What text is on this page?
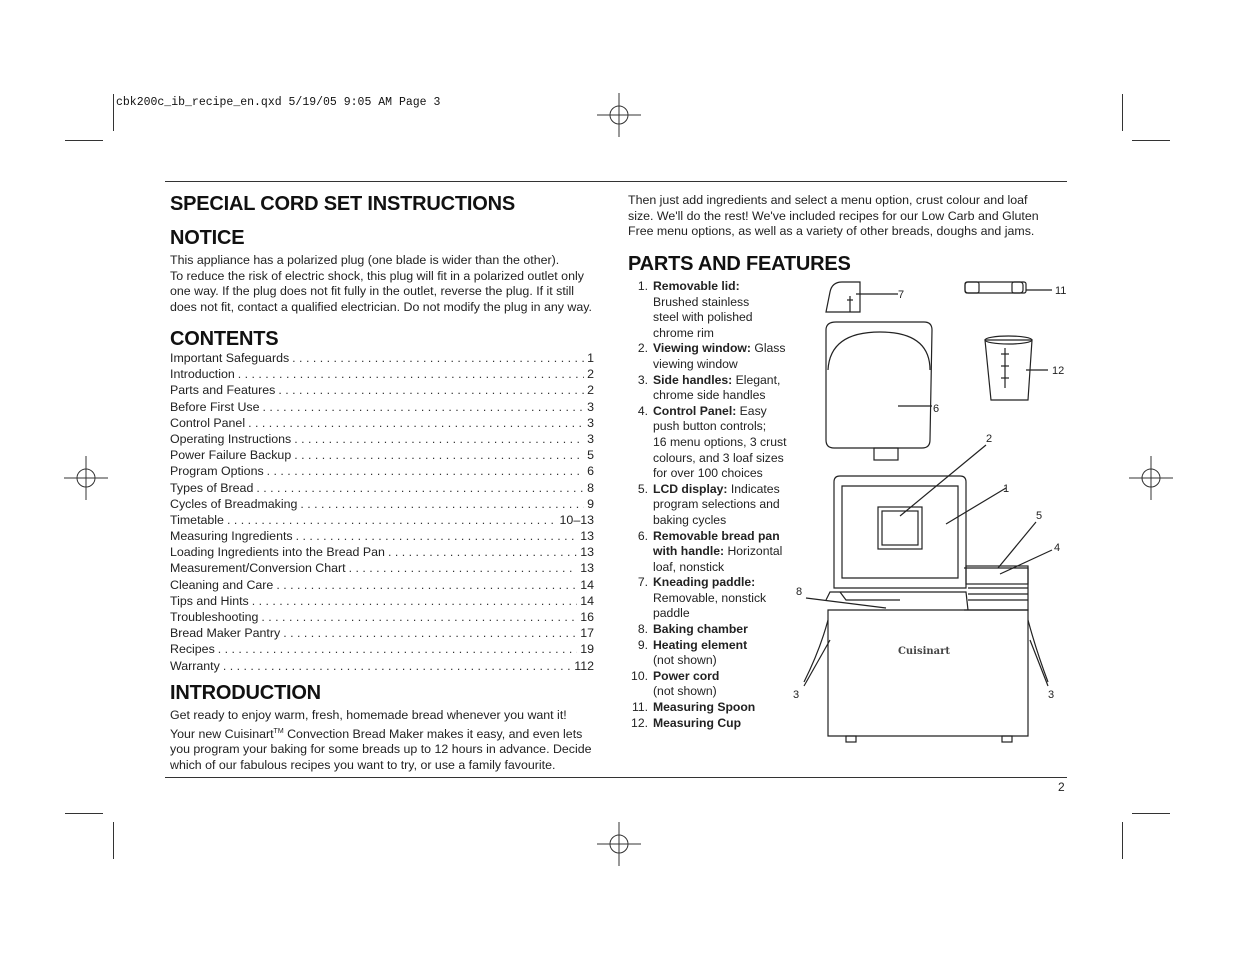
cbk200c_ib_recipe_en.qxd 5/19/05 9:05 AM Page 3
SPECIAL CORD SET INSTRUCTIONS
NOTICE
This appliance has a polarized plug (one blade is wider than the other).
To reduce the risk of electric shock, this plug will fit in a polarized outlet only
one way. If the plug does not fit fully in the outlet, reverse the plug. If it still
does not fit, contact a qualified electrician. Do not modify the plug in any way.
CONTENTS
Important Safeguards . . .	1
Introduction . . .	2
Parts and Features . . .	2
Before First Use . . .	3
Control Panel . . .	3
Operating Instructions . . .	3
Power Failure Backup . . .	5
Program Options . . .	6
Types of Bread . . .	8
Cycles of Breadmaking . . .	9
Timetable . . .	10–13
Measuring Ingredients . . .	13
Loading Ingredients into the Bread Pan . . .	13
Measurement/Conversion Chart . . .	13
Cleaning and Care . . .	14
Tips and Hints . . .	14
Troubleshooting . . .	16
Bread Maker Pantry . . .	17
Recipes . . .	19
Warranty . . .	112
INTRODUCTION
Get ready to enjoy warm, fresh, homemade bread whenever you want it!
Your new Cuisinart™ Convection Bread Maker makes it easy, and even lets
you program your baking for some breads up to 12 hours in advance. Decide
which of our fabulous recipes you want to try, or use a family favourite.
Then just add ingredients and select a menu option, crust colour and loaf
size. We'll do the rest! We've included recipes for our Low Carb and Gluten
Free menu options, as well as a variety of other breads, doughs and jams.
PARTS AND FEATURES
1. Removable lid:
Brushed stainless
steel with polished
chrome rim
2. Viewing window: Glass
viewing window
3. Side handles: Elegant,
chrome side handles
4. Control Panel: Easy
push button controls;
16 menu options, 3 crust
colours, and 3 loaf sizes
for over 100 choices
5. LCD display: Indicates
program selections and
baking cycles
6. Removable bread pan
with handle: Horizontal
loaf, nonstick
7. Kneading paddle:
Removable, nonstick
paddle
8. Baking chamber
9. Heating element
(not shown)
10. Power cord
(not shown)
11. Measuring Spoon
12. Measuring Cup
7	11
12
6
2
1
5
4
8
3	3
Cuisinart
2
